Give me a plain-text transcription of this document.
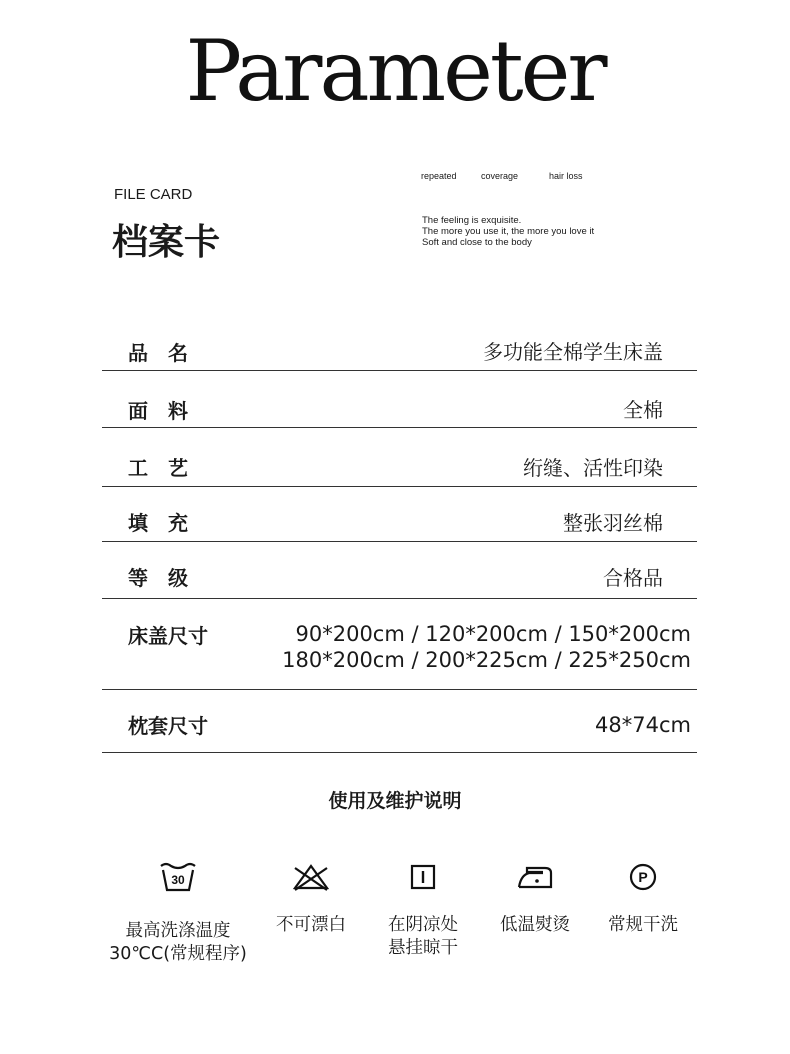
Parameter
FILE CARD
档案卡
repeated	coverage	hair loss
The feeling is exquisite.
The more you use it, the more you love it
Soft and close to the body
品　名	多功能全棉学生床盖
面　料	全棉
工　艺	绗缝、活性印染
填　充	整张羽丝棉
等　级	合格品
床盖尺寸	90*200cm / 120*200cm / 150*200cm
180*200cm / 200*225cm / 225*250cm
枕套尺寸	48*74cm
使用及维护说明
30
最高洗涤温度
30℃C(常规程序)
不可漂白	在阴凉处
悬挂晾干
低温熨烫
P
常规干洗
